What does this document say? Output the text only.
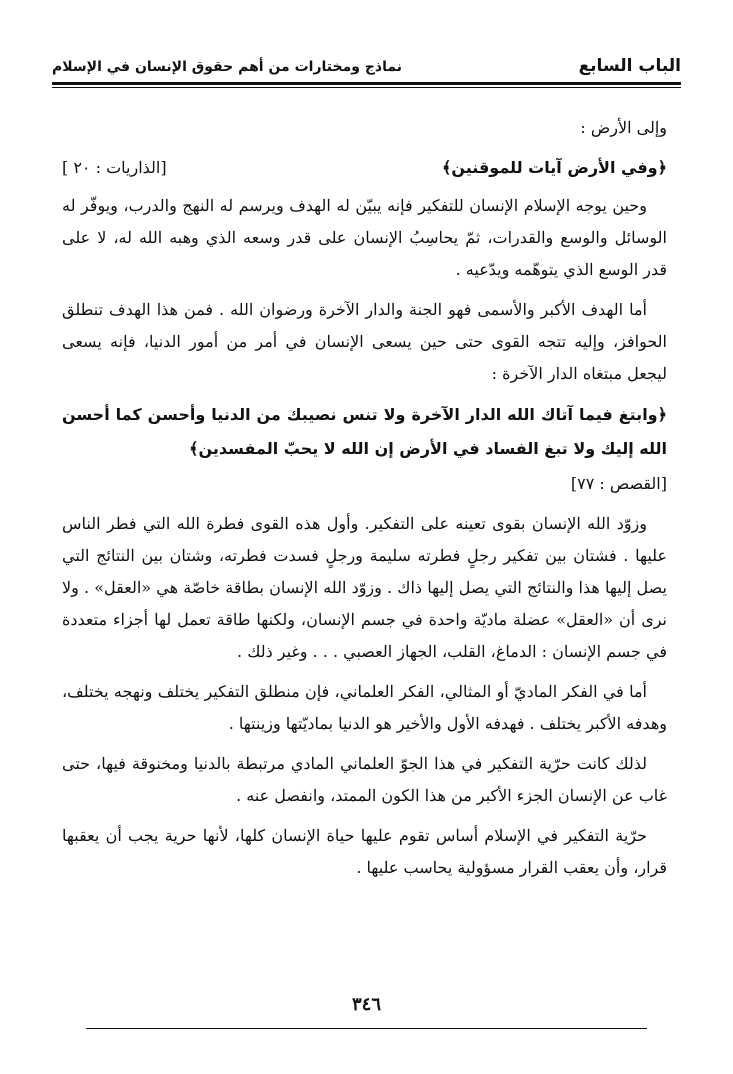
الباب السابع
نماذج ومختارات من أهم حقوق الإنسان في الإسلام

وإلى الأرض :

﴿وفي الأرض آيات للموقنين﴾
[الذاريات : ٢٠ ]

وحين يوجه الإسلام الإنسان للتفكير فإنه يبيّن له الهدف ويرسم له النهج والدرب، ويوفّر له الوسائل والوسع والقدرات، ثمّ يحاسِبُ الإنسان على قدر وسعه الذي وهبه الله له، لا على قدر الوسع الذي يتوهّمه ويدّعيه .

أما الهدف الأكبر والأسمى فهو الجنة والدار الآخرة ورضوان الله . فمن هذا الهدف تنطلق الحوافز، وإليه تتجه القوى حتى حين يسعى الإنسان في أمر من أمور الدنيا، فإنه يسعى ليجعل مبتغاه الدار الآخرة :

﴿وابتغ فيما آتاك الله الدار الآخرة ولا تنس نصيبك من الدنيا وأحسن كما أحسن الله إليك ولا تبغ الفساد في الأرض إن الله لا يحبّ المفسدين﴾
[القصص : ٧٧]

وزوّد الله الإنسان بقوى تعينه على التفكير. وأول هذه القوى فطرة الله التي فطر الناس عليها . فشتان بين تفكير رجلٍ فطرته سليمة ورجلٍ فسدت فطرته، وشتان بين النتائج التي يصل إليها هذا والنتائج التي يصل إليها ذاك . وزوّد الله الإنسان بطاقة خاصّة هي «العقل» . ولا نرى أن «العقل» عضلة ماديّة واحدة في جسم الإنسان، ولكنها طاقة تعمل لها أجزاء متعددة في جسم الإنسان : الدماغ، القلب، الجهاز العصبي . . . وغير ذلك .

أما في الفكر الماديّ أو المثالي، الفكر العلماني، فإن منطلق التفكير يختلف ونهجه يختلف، وهدفه الأكبر يختلف . فهدفه الأول والأخير هو الدنيا بماديّتها وزينتها .

لذلك كانت حرّية التفكير في هذا الجوّ العلماني المادي مرتبطة بالدنيا ومخنوقة فيها، حتى غاب عن الإنسان الجزء الأكبر من هذا الكون الممتد، وانفصل عنه .

حرّية التفكير في الإسلام أساس تقوم عليها حياة الإنسان كلها، لأنها حرية يجب أن يعقبها قرار، وأن يعقب القرار مسؤولية يحاسب عليها .

٣٤٦
